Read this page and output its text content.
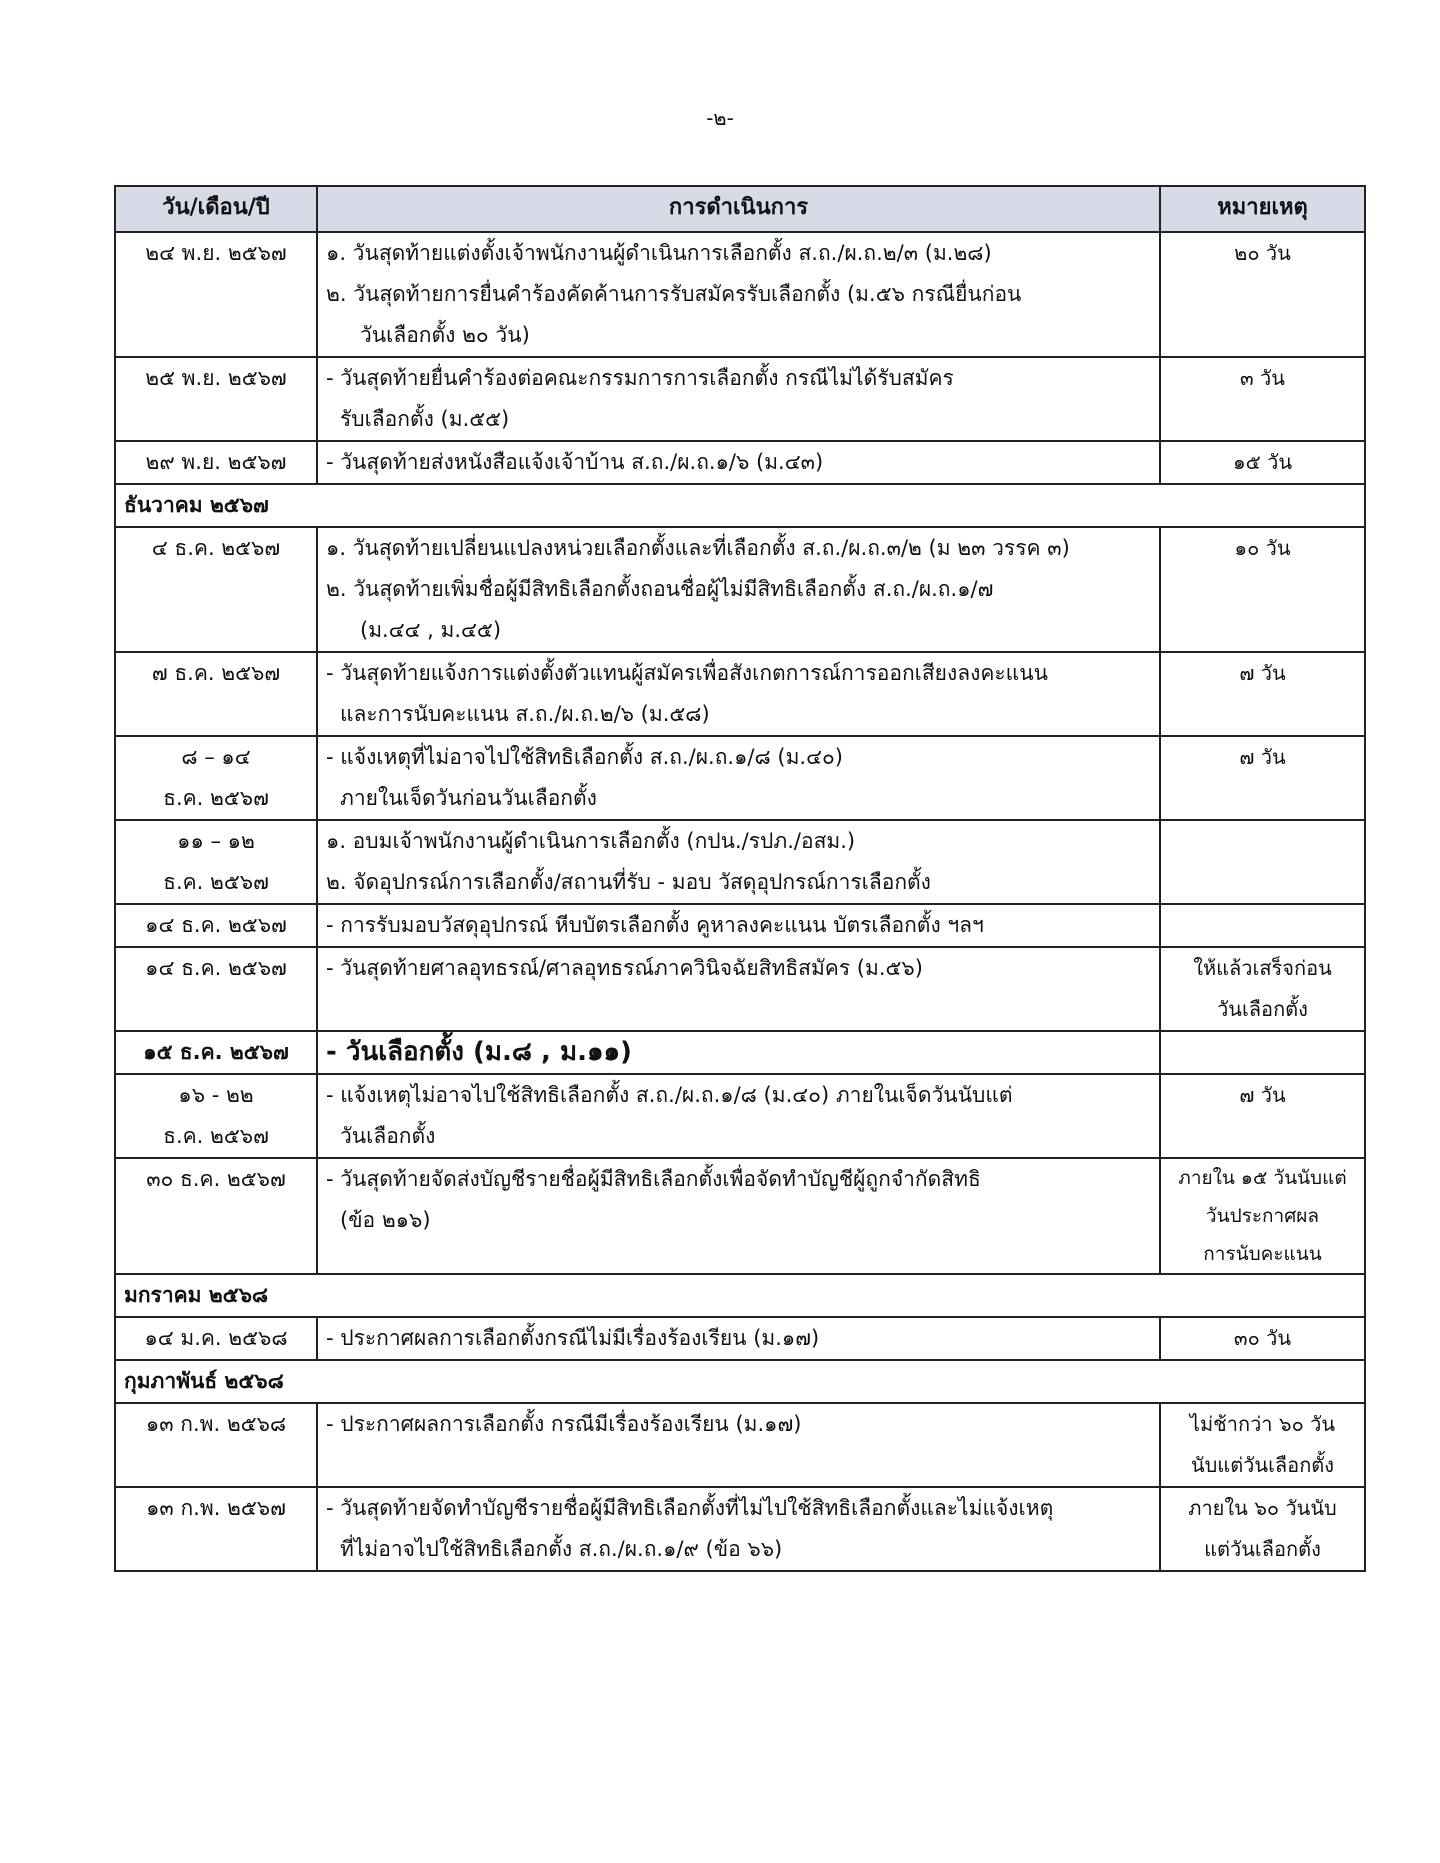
-๒-
วัน/เดือน/ปี	การดำเนินการ	หมายเหตุ

๒๔ พ.ย. ๒๕๖๗	๑. วันสุดท้ายแต่งตั้งเจ้าพนักงานผู้ดำเนินการเลือกตั้ง ส.ถ./ผ.ถ.๒/๓ (ม.๒๘)
๒. วันสุดท้ายการยื่นคำร้องคัดค้านการรับสมัครรับเลือกตั้ง (ม.๕๖ กรณียื่นก่อน
วันเลือกตั้ง ๒๐ วัน)	๒๐ วัน

๒๕ พ.ย. ๒๕๖๗	- วันสุดท้ายยื่นคำร้องต่อคณะกรรมการการเลือกตั้ง กรณีไม่ได้รับสมัคร
รับเลือกตั้ง (ม.๕๕)	๓ วัน

๒๙ พ.ย. ๒๕๖๗	- วันสุดท้ายส่งหนังสือแจ้งเจ้าบ้าน ส.ถ./ผ.ถ.๑/๖ (ม.๔๓)	๑๕ วัน

ธันวาคม ๒๕๖๗		

๔ ธ.ค. ๒๕๖๗	๑. วันสุดท้ายเปลี่ยนแปลงหน่วยเลือกตั้งและที่เลือกตั้ง ส.ถ./ผ.ถ.๓/๒ (ม ๒๓ วรรค ๓)
๒. วันสุดท้ายเพิ่มชื่อผู้มีสิทธิเลือกตั้งถอนชื่อผู้ไม่มีสิทธิเลือกตั้ง ส.ถ./ผ.ถ.๑/๗
(ม.๔๔ , ม.๔๕)	๑๐ วัน

๗ ธ.ค. ๒๕๖๗	- วันสุดท้ายแจ้งการแต่งตั้งตัวแทนผู้สมัครเพื่อสังเกตการณ์การออกเสียงลงคะแนน
และการนับคะแนน ส.ถ./ผ.ถ.๒/๖ (ม.๕๘)	๗ วัน

๘ – ๑๔
ธ.ค. ๒๕๖๗	- แจ้งเหตุที่ไม่อาจไปใช้สิทธิเลือกตั้ง ส.ถ./ผ.ถ.๑/๘ (ม.๔๐)
ภายในเจ็ดวันก่อนวันเลือกตั้ง	๗ วัน

๑๑ – ๑๒
ธ.ค. ๒๕๖๗	๑. อบมเจ้าพนักงานผู้ดำเนินการเลือกตั้ง (กปน./รปภ./อสม.)
๒. จัดอุปกรณ์การเลือกตั้ง/สถานที่รับ - มอบ วัสดุอุปกรณ์การเลือกตั้ง	

๑๔ ธ.ค. ๒๕๖๗	- การรับมอบวัสดุอุปกรณ์ หีบบัตรเลือกตั้ง คูหาลงคะแนน บัตรเลือกตั้ง ฯลฯ	

๑๔ ธ.ค. ๒๕๖๗	- วันสุดท้ายศาลอุทธรณ์/ศาลอุทธรณ์ภาควินิจฉัยสิทธิสมัคร (ม.๕๖)	ให้แล้วเสร็จก่อน
วันเลือกตั้ง

๑๕ ธ.ค. ๒๕๖๗	- วันเลือกตั้ง (ม.๘ , ม.๑๑)	

๑๖ - ๒๒
ธ.ค. ๒๕๖๗	- แจ้งเหตุไม่อาจไปใช้สิทธิเลือกตั้ง ส.ถ./ผ.ถ.๑/๘ (ม.๔๐) ภายในเจ็ดวันนับแต่
วันเลือกตั้ง	๗ วัน

๓๐ ธ.ค. ๒๕๖๗	- วันสุดท้ายจัดส่งบัญชีรายชื่อผู้มีสิทธิเลือกตั้งเพื่อจัดทำบัญชีผู้ถูกจำกัดสิทธิ
(ข้อ ๒๑๖)	ภายใน ๑๕ วันนับแต่
วันประกาศผล
การนับคะแนน

มกราคม ๒๕๖๘		

๑๔ ม.ค. ๒๕๖๘	- ประกาศผลการเลือกตั้งกรณีไม่มีเรื่องร้องเรียน (ม.๑๗)	๓๐ วัน

กุมภาพันธ์ ๒๕๖๘		

๑๓ ก.พ. ๒๕๖๘	- ประกาศผลการเลือกตั้ง กรณีมีเรื่องร้องเรียน (ม.๑๗)	ไม่ช้ากว่า ๖๐ วัน
นับแต่วันเลือกตั้ง

๑๓ ก.พ. ๒๕๖๗	- วันสุดท้ายจัดทำบัญชีรายชื่อผู้มีสิทธิเลือกตั้งที่ไม่ไปใช้สิทธิเลือกตั้งและไม่แจ้งเหตุ
ที่ไม่อาจไปใช้สิทธิเลือกตั้ง ส.ถ./ผ.ถ.๑/๙ (ข้อ ๖๖)	ภายใน ๖๐ วันนับ
แต่วันเลือกตั้ง
